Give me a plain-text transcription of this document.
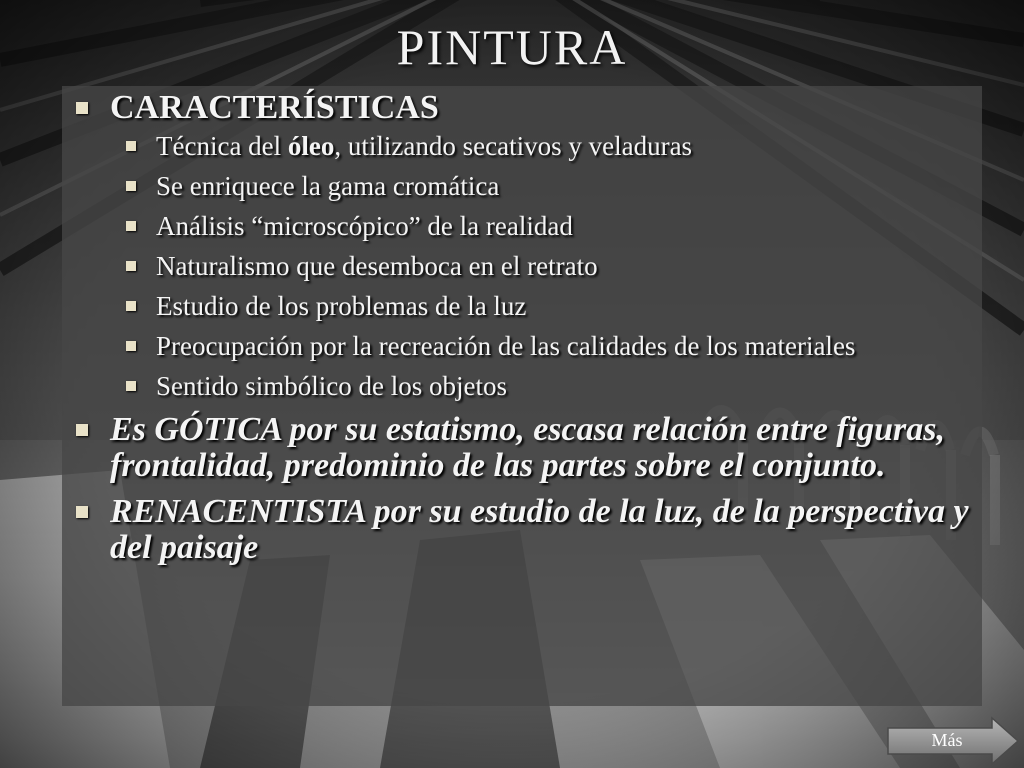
PINTURA
CARACTERÍSTICAS
Técnica del óleo, utilizando secativos y veladuras
Se enriquece la gama cromática
Análisis “microscópico” de la realidad
Naturalismo que desemboca en el retrato
Estudio de los problemas de la luz
Preocupación por la recreación de las calidades de los materiales
Sentido simbólico de los objetos
Es GÓTICA por su estatismo, escasa relación entre figuras, frontalidad, predominio de las partes sobre el conjunto.
RENACENTISTA por su estudio de la luz, de la perspectiva y del paisaje
Más
